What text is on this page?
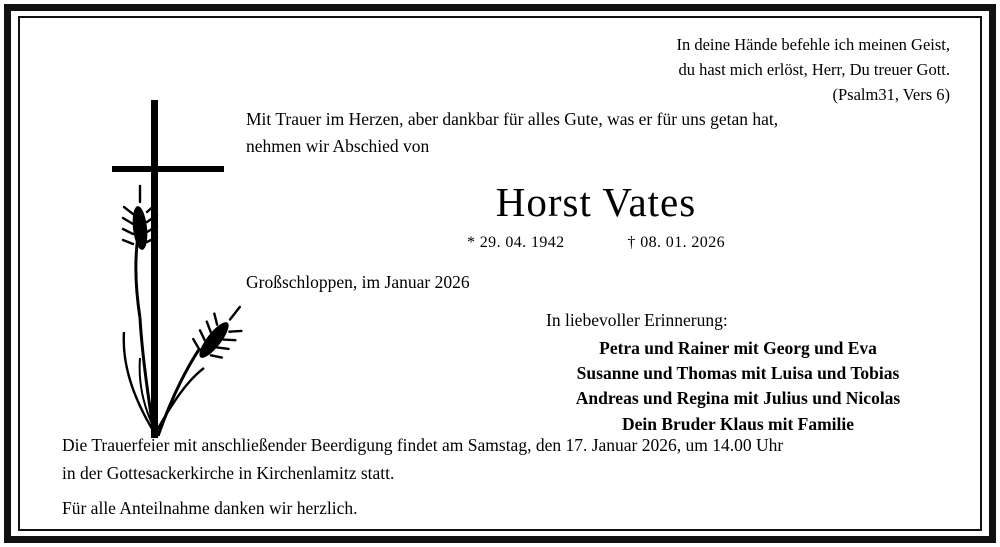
In deine Hände befehle ich meinen Geist,
du hast mich erlöst, Herr, Du treuer Gott.
(Psalm31, Vers 6)
Mit Trauer im Herzen, aber dankbar für alles Gute, was er für uns getan hat,
nehmen wir Abschied von
Horst Vates
* 29. 04. 1942	† 08. 01. 2026
Großschloppen, im Januar 2026
In liebevoller Erinnerung:
Petra und Rainer mit Georg und Eva
Susanne und Thomas mit Luisa und Tobias
Andreas und Regina mit Julius und Nicolas
Dein Bruder Klaus mit Familie
Die Trauerfeier mit anschließender Beerdigung findet am Samstag, den 17. Januar 2026, um 14.00 Uhr
in der Gottesackerkirche in Kirchenlamitz statt.
Für alle Anteilnahme danken wir herzlich.
